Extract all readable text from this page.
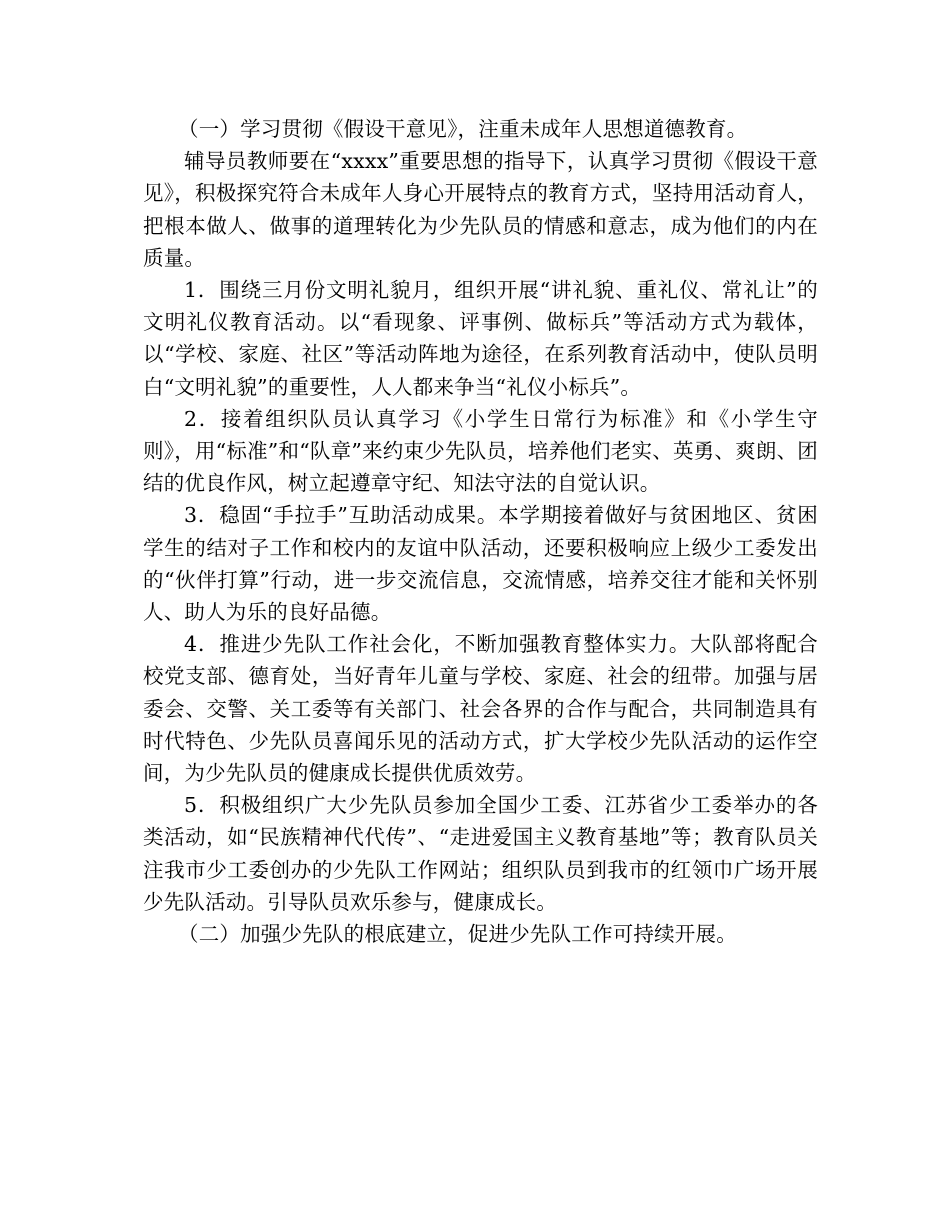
（一）学习贯彻《假设干意见》，注重未成年人思想道德教育。

辅导员教师要在“xxxx”重要思想的指导下，认真学习贯彻《假设干意见》，积极探究符合未成年人身心开展特点的教育方式，坚持用活动育人，把根本做人、做事的道理转化为少先队员的情感和意志，成为他们的内在质量。

1．围绕三月份文明礼貌月，组织开展“讲礼貌、重礼仪、常礼让”的文明礼仪教育活动。以“看现象、评事例、做标兵”等活动方式为载体，以“学校、家庭、社区”等活动阵地为途径，在系列教育活动中，使队员明白“文明礼貌”的重要性，人人都来争当“礼仪小标兵”。

2．接着组织队员认真学习《小学生日常行为标准》和《小学生守则》，用“标准”和“队章”来约束少先队员，培养他们老实、英勇、爽朗、团结的优良作风，树立起遵章守纪、知法守法的自觉认识。

3．稳固“手拉手”互助活动成果。本学期接着做好与贫困地区、贫困学生的结对子工作和校内的友谊中队活动，还要积极响应上级少工委发出的“伙伴打算”行动，进一步交流信息，交流情感，培养交往才能和关怀别人、助人为乐的良好品德。

4．推进少先队工作社会化，不断加强教育整体实力。大队部将配合校党支部、德育处，当好青年儿童与学校、家庭、社会的纽带。加强与居委会、交警、关工委等有关部门、社会各界的合作与配合，共同制造具有时代特色、少先队员喜闻乐见的活动方式，扩大学校少先队活动的运作空间，为少先队员的健康成长提供优质效劳。

5．积极组织广大少先队员参加全国少工委、江苏省少工委举办的各类活动，如“民族精神代代传”、“走进爱国主义教育基地”等；教育队员关注我市少工委创办的少先队工作网站；组织队员到我市的红领巾广场开展少先队活动。引导队员欢乐参与，健康成长。

（二）加强少先队的根底建立，促进少先队工作可持续开展。
